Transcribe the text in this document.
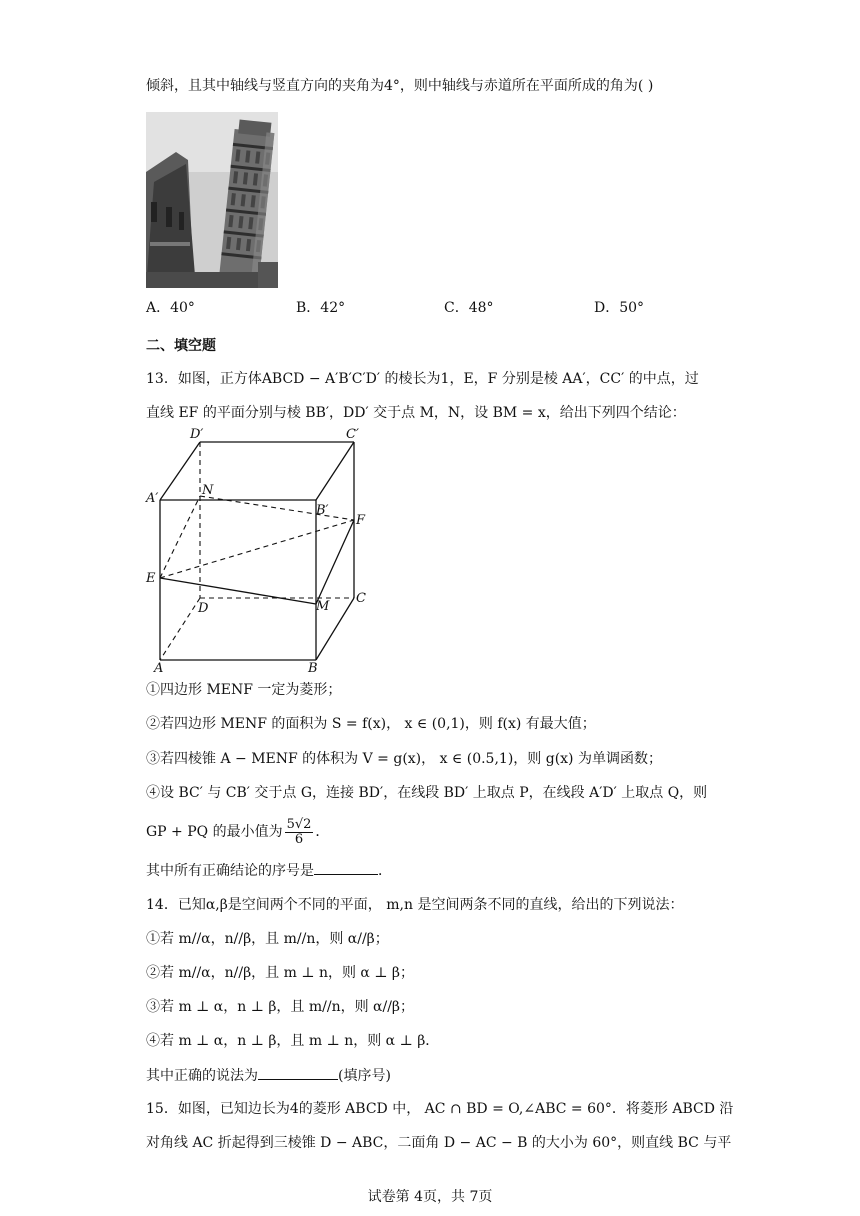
倾斜，且其中轴线与竖直方向的夹角为4°，则中轴线与赤道所在平面所成的角为( )
A．40°	B．42°	C．48°	D．50°
二、填空题
13．如图，正方体ABCD − A′B′C′D′ 的棱长为1，E，F 分别是棱 AA′，CC′ 的中点，过
直线 EF 的平面分别与棱 BB′，DD′ 交于点 M，N，设 BM = x，给出下列四个结论：
D′	C′
A′
B′
N
F
E
D	M
C
A	B
①四边形 MENF 一定为菱形；
②若四边形 MENF 的面积为 S = f(x)， x ∈ (0,1)，则 f(x) 有最大值；
③若四棱锥 A − MENF 的体积为 V = g(x)， x ∈ (0.5,1)，则 g(x) 为单调函数；
④设 BC′ 与 CB′ 交于点 G，连接 BD′，在线段 BD′ 上取点 P，在线段 A′D′ 上取点 Q，则
GP + PQ 的最小值为 $\frac{5√2}{6}$ ．
其中所有正确结论的序号是	．
14．已知α,β是空间两个不同的平面， m,n 是空间两条不同的直线，给出的下列说法：
①若 m//α，n//β，且 m//n，则 α//β；
②若 m//α，n//β，且 m ⊥ n，则 α ⊥ β；
③若 m ⊥ α，n ⊥ β，且 m//n，则 α//β；
④若 m ⊥ α，n ⊥ β，且 m ⊥ n，则 α ⊥ β．
其中正确的说法为	(填序号)
15．如图，已知边长为4的菱形 ABCD 中， AC ∩ BD = O,∠ABC = 60°．将菱形 ABCD 沿
对角线 AC 折起得到三棱锥 D − ABC，二面角 D − AC − B 的大小为 60°，则直线 BC 与平
试卷第 4页，共 7页
